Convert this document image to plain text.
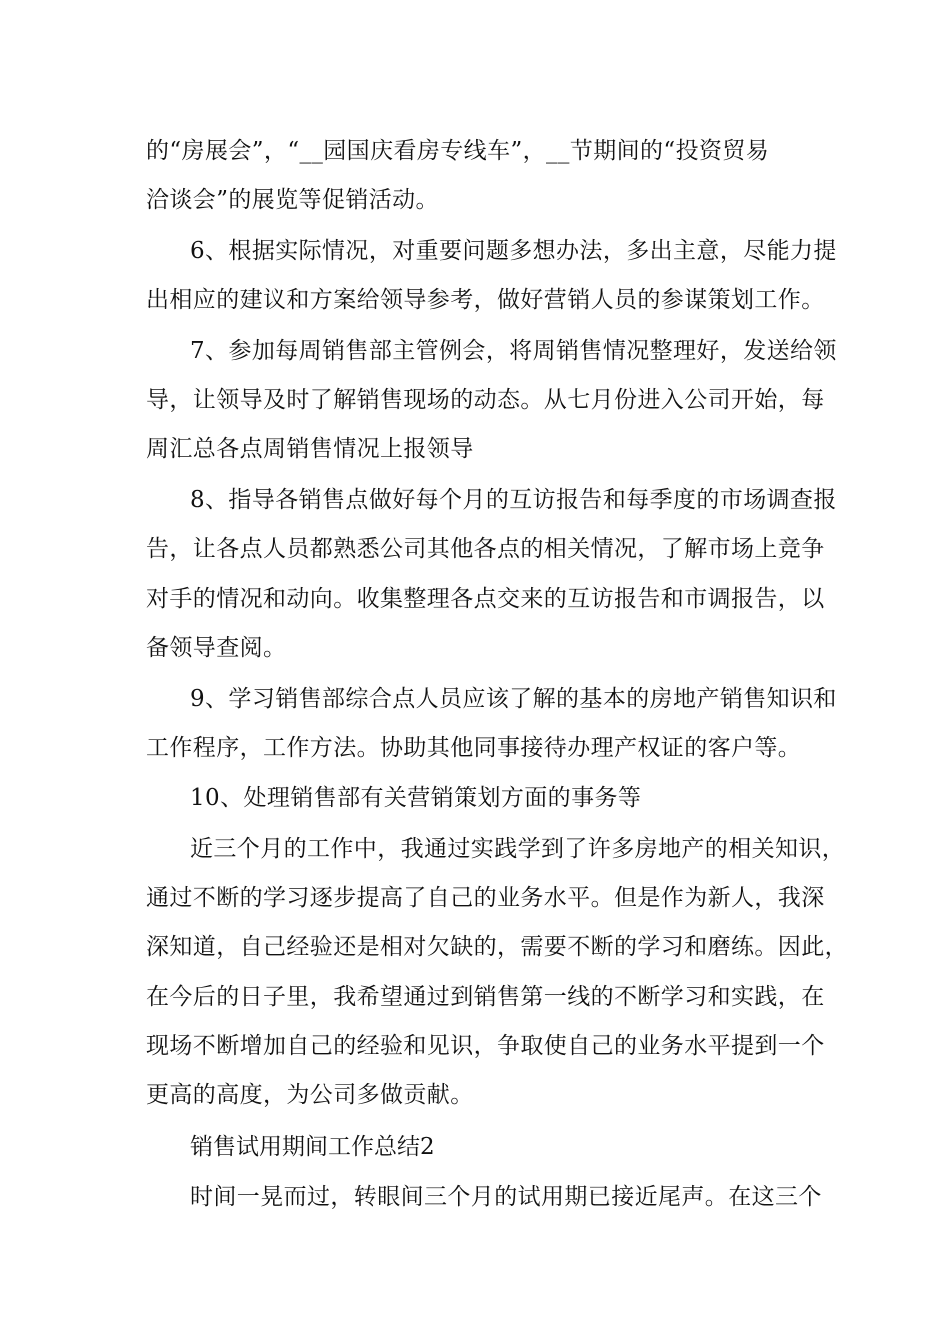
的“房展会”，“__园国庆看房专线车”，__节期间的“投资贸易
洽谈会”的展览等促销活动。
6、根据实际情况，对重要问题多想办法，多出主意，尽能力提
出相应的建议和方案给领导参考，做好营销人员的参谋策划工作。
7、参加每周销售部主管例会，将周销售情况整理好，发送给领
导，让领导及时了解销售现场的动态。从七月份进入公司开始，每
周汇总各点周销售情况上报领导
8、指导各销售点做好每个月的互访报告和每季度的市场调查报
告，让各点人员都熟悉公司其他各点的相关情况，了解市场上竞争
对手的情况和动向。收集整理各点交来的互访报告和市调报告，以
备领导查阅。
9、学习销售部综合点人员应该了解的基本的房地产销售知识和
工作程序，工作方法。协助其他同事接待办理产权证的客户等。
10、处理销售部有关营销策划方面的事务等
近三个月的工作中，我通过实践学到了许多房地产的相关知识，
通过不断的学习逐步提高了自己的业务水平。但是作为新人，我深
深知道，自己经验还是相对欠缺的，需要不断的学习和磨练。因此，
在今后的日子里，我希望通过到销售第一线的不断学习和实践，在
现场不断增加自己的经验和见识，争取使自己的业务水平提到一个
更高的高度，为公司多做贡献。
销售试用期间工作总结2
时间一晃而过，转眼间三个月的试用期已接近尾声。在这三个
